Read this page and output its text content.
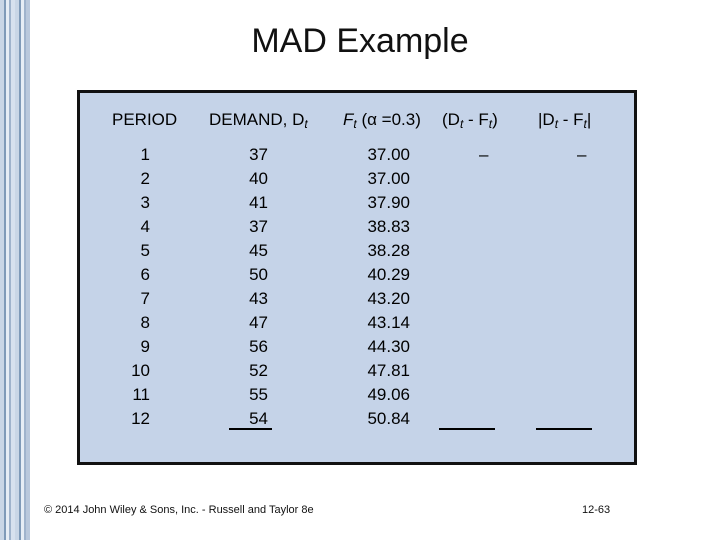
MAD Example
PERIOD DEMAND, $D_t$ $F_t$ (α =0.3) $(D_t - F_t)$ $|D_t - F_t|$
1
2
3
4
5
6
7
8
9
10
11
12
37
40
41
37
45
50
43
47
56
52
55
54
37.00
37.00
37.90
38.83
38.28
40.29
43.20
43.14
44.30
47.81
49.06
50.84
–	–
© 2014 John Wiley & Sons, Inc. - Russell and Taylor 8e	12-63
